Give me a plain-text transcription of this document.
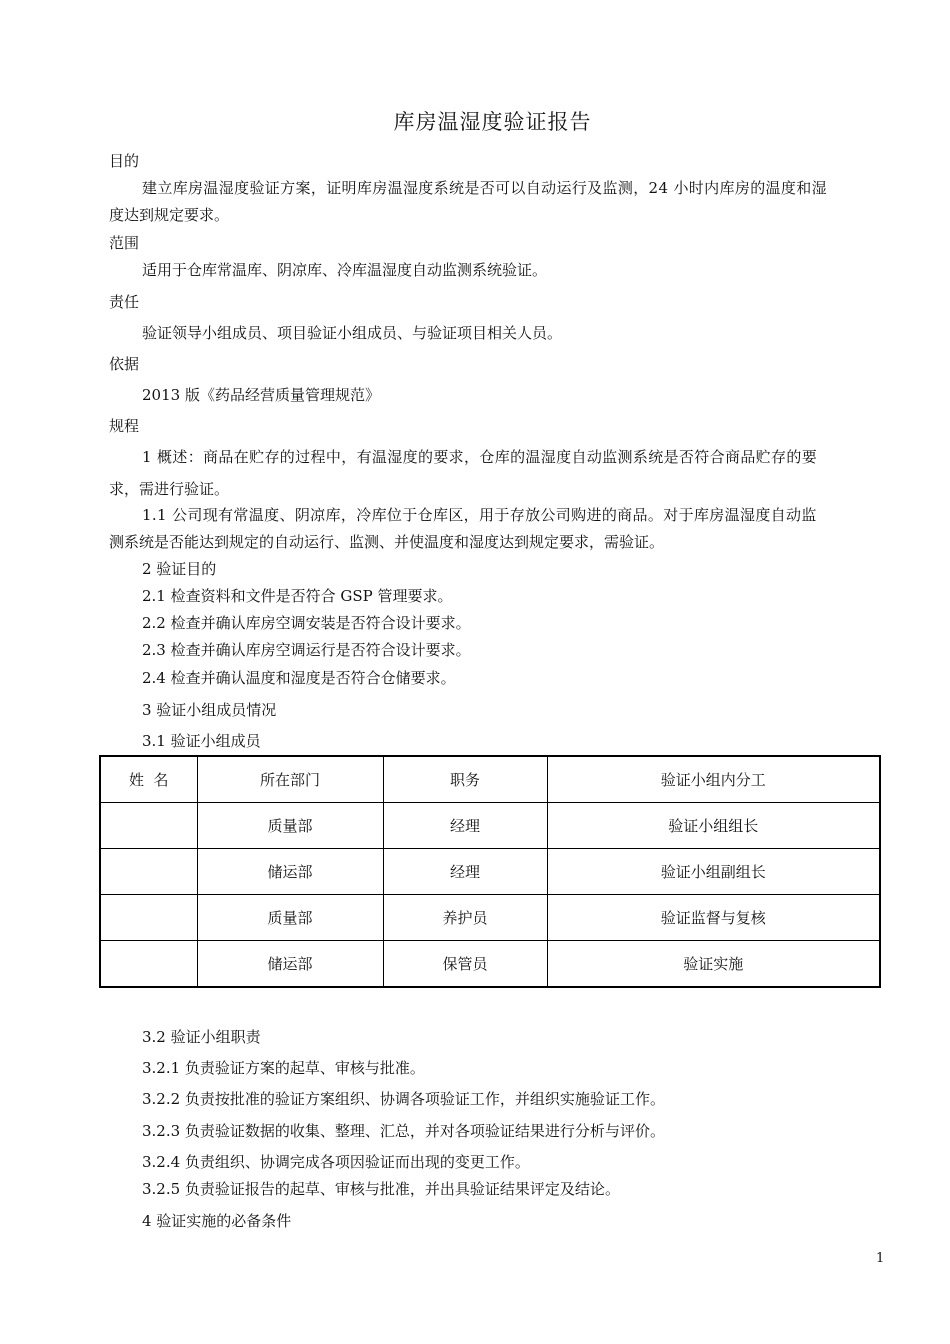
库房温湿度验证报告
目的
建立库房温湿度验证方案，证明库房温湿度系统是否可以自动运行及监测，24 小时内库房的温度和湿
度达到规定要求。
范围
适用于仓库常温库、阴凉库、冷库温湿度自动监测系统验证。
责任
验证领导小组成员、项目验证小组成员、与验证项目相关人员。
依据
2013 版《药品经营质量管理规范》
规程
1 概述：商品在贮存的过程中，有温湿度的要求，仓库的温湿度自动监测系统是否符合商品贮存的要
求，需进行验证。
1.1 公司现有常温度、阴凉库，冷库位于仓库区，用于存放公司购进的商品。对于库房温湿度自动监
测系统是否能达到规定的自动运行、监测、并使温度和湿度达到规定要求，需验证。
2 验证目的
2.1 检查资料和文件是否符合 GSP 管理要求。
2.2 检查并确认库房空调安装是否符合设计要求。
2.3 检查并确认库房空调运行是否符合设计要求。
2.4 检查并确认温度和湿度是否符合仓储要求。
3 验证小组成员情况
3.1 验证小组成员
姓  名	所在部门	职务	验证小组内分工
	质量部	经理	验证小组组长
	储运部	经理	验证小组副组长
	质量部	养护员	验证监督与复核
	储运部	保管员	验证实施
3.2 验证小组职责
3.2.1 负责验证方案的起草、审核与批准。
3.2.2 负责按批准的验证方案组织、协调各项验证工作，并组织实施验证工作。
3.2.3 负责验证数据的收集、整理、汇总，并对各项验证结果进行分析与评价。
3.2.4 负责组织、协调完成各项因验证而出现的变更工作。
3.2.5 负责验证报告的起草、审核与批准，并出具验证结果评定及结论。
4 验证实施的必备条件
1
